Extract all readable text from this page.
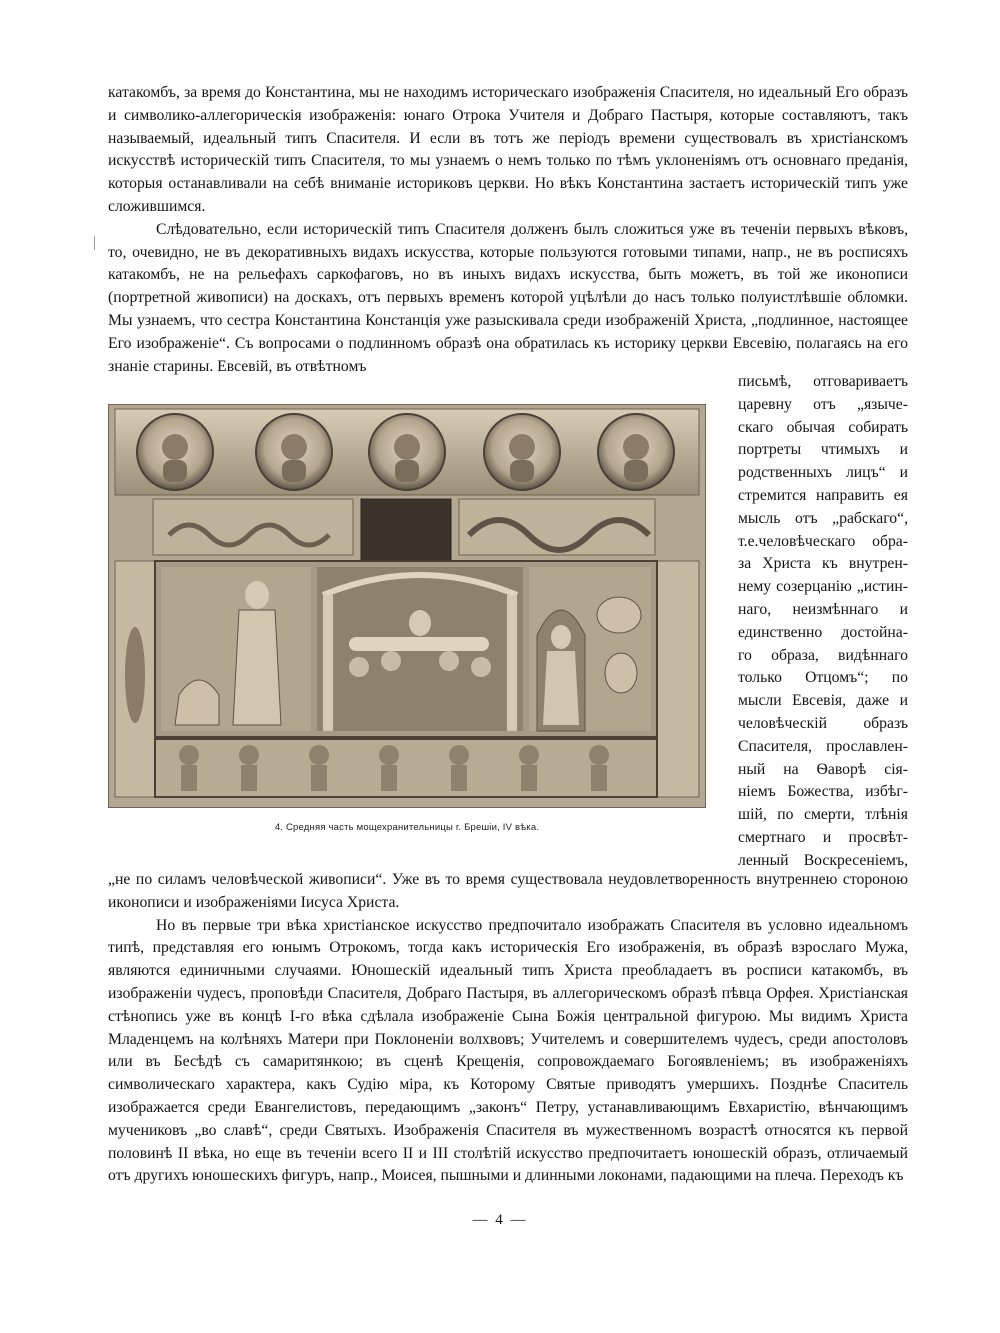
катакомбъ, за время до Константина, мы не находимъ историческаго изображенія Спасителя, но идеальный Его образъ и символико-аллегорическія изображенія: юнаго Отрока Учителя и Добраго Пастыря, которые составляютъ, такъ называемый, идеальный типъ Спасителя. И если въ тотъ же періодъ времени существовалъ въ христіанскомъ искусствѣ историческій типъ Спасителя, то мы узнаемъ о немъ только по тѣмъ уклоненіямъ отъ основнаго преданія, которыя останавливали на себѣ вниманіе историковъ церкви. Но вѣкъ Константина застаетъ историческій типъ уже сложившимся.

Слѣдовательно, если историческій типъ Спасителя долженъ былъ сложиться уже въ теченіи первыхъ вѣковъ, то, очевидно, не въ декоративныхъ видахъ искусства, которые пользуются готовыми типами, напр., не въ росписяхъ катакомбъ, не на рельефахъ саркофаговъ, но въ иныхъ видахъ искусства, быть можетъ, въ той же иконописи (портретной живописи) на доскахъ, отъ первыхъ временъ которой уцѣлѣли до насъ только полуистлѣвшіе обломки. Мы узнаемъ, что сестра Константина Констанція уже разыскивала среди изображеній Христа, „подлинное, настоящее Его изображеніе“. Съ вопросами о подлинномъ образѣ она обратилась къ историку церкви Евсевію, полагаясь на его знаніе старины. Евсевій, въ отвѣтномъ

4. Средняя часть мощехранительницы г. Брешіи, IV вѣка.
письмѣ, отговариваетъ
царевну отъ „языче-
скаго обычая собирать
портреты чтимыхъ и
родственныхъ лицъ“ и
стремится направить ея
мысль отъ „рабскаго“,
т.е.человѣческаго обра-
за Христа къ внутрен-
нему созерцанію „истин-
наго, неизмѣннаго и
единственно достойна-
го образа, видѣннаго
только Отцомъ“; по
мысли Евсевія, даже и
человѣческій образъ
Спасителя, прославлен-
ный на Ѳаворѣ сія-
ніемъ Божества, избѣг-
шій, по смерти, тлѣнія
смертнаго и просвѣт-
ленный Воскресеніемъ,

„не по силамъ человѣческой живописи“. Уже въ то время существовала неудовлетворенность внутреннею стороною иконописи и изображеніями Іисуса Христа.

Но въ первые три вѣка христіанское искусство предпочитало изображать Спасителя въ условно идеальномъ типѣ, представляя его юнымъ Отрокомъ, тогда какъ историческія Его изображенія, въ образѣ взрослаго Мужа, являются единичными случаями. Юношескій идеальный типъ Христа преобладаетъ въ росписи катакомбъ, въ изображеніи чудесъ, проповѣди Спасителя, Добраго Пастыря, въ аллегорическомъ образѣ пѣвца Орфея. Христіанская стѣнопись уже въ концѣ І-го вѣка сдѣлала изображеніе Сына Божія центральной фигурою. Мы видимъ Христа Младенцемъ на колѣняхъ Матери при Поклоненіи волхвовъ; Учителемъ и совершителемъ чудесъ, среди апостоловъ или въ Бесѣдѣ съ самаритянкою; въ сценѣ Крещенія, сопровождаемаго Богоявленіемъ; въ изображеніяхъ символическаго характера, какъ Судію міра, къ Которому Святые приводятъ умершихъ. Позднѣе Спаситель изображается среди Евангелистовъ, передающимъ „законъ“ Петру, устанавливающимъ Евхаристію, вѣнчающимъ мучениковъ „во славѣ“, среди Святыхъ. Изображенія Спасителя въ мужественномъ возрастѣ относятся къ первой половинѣ II вѣка, но еще въ теченіи всего II и III столѣтій искусство предпочитаетъ юношескій образъ, отличаемый отъ другихъ юношескихъ фигуръ, напр., Моисея, пышными и длинными локонами, падающими на плеча. Переходъ къ

— 4 —
